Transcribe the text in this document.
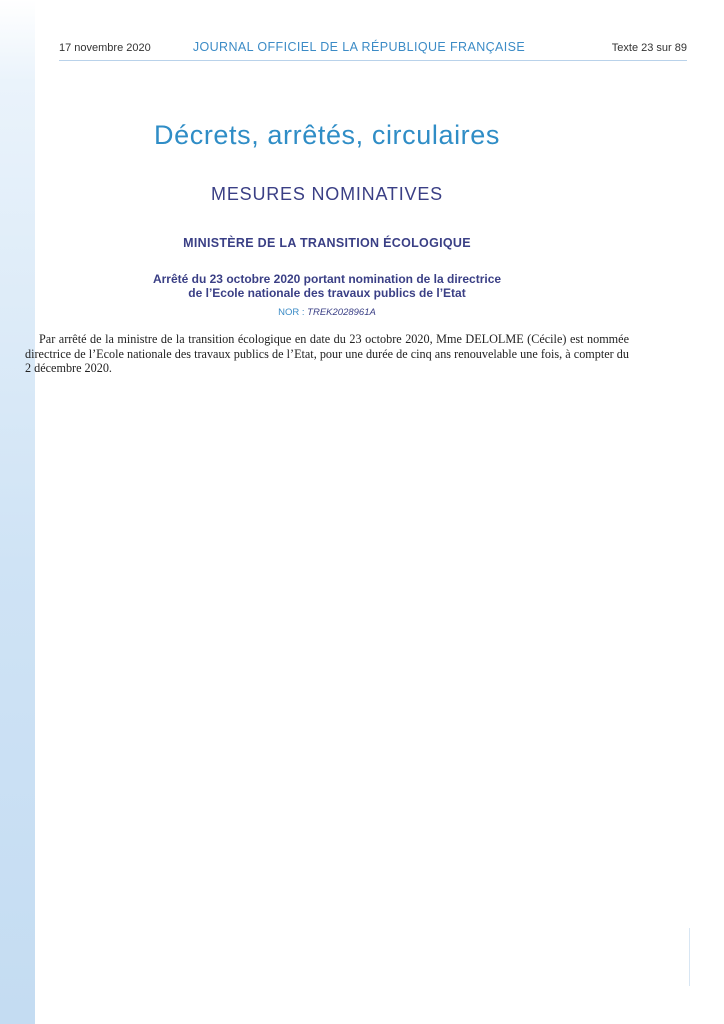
17 novembre 2020	JOURNAL OFFICIEL DE LA RÉPUBLIQUE FRANÇAISE	Texte 23 sur 89
Décrets, arrêtés, circulaires
MESURES NOMINATIVES
MINISTÈRE DE LA TRANSITION ÉCOLOGIQUE
Arrêté du 23 octobre 2020 portant nomination de la directrice
de l’Ecole nationale des travaux publics de l’Etat
NOR : TREK2028961A
Par arrêté de la ministre de la transition écologique en date du 23 octobre 2020, Mme DELOLME (Cécile) est nommée directrice de l’Ecole nationale des travaux publics de l’Etat, pour une durée de cinq ans renouvelable une fois, à compter du 2 décembre 2020.
